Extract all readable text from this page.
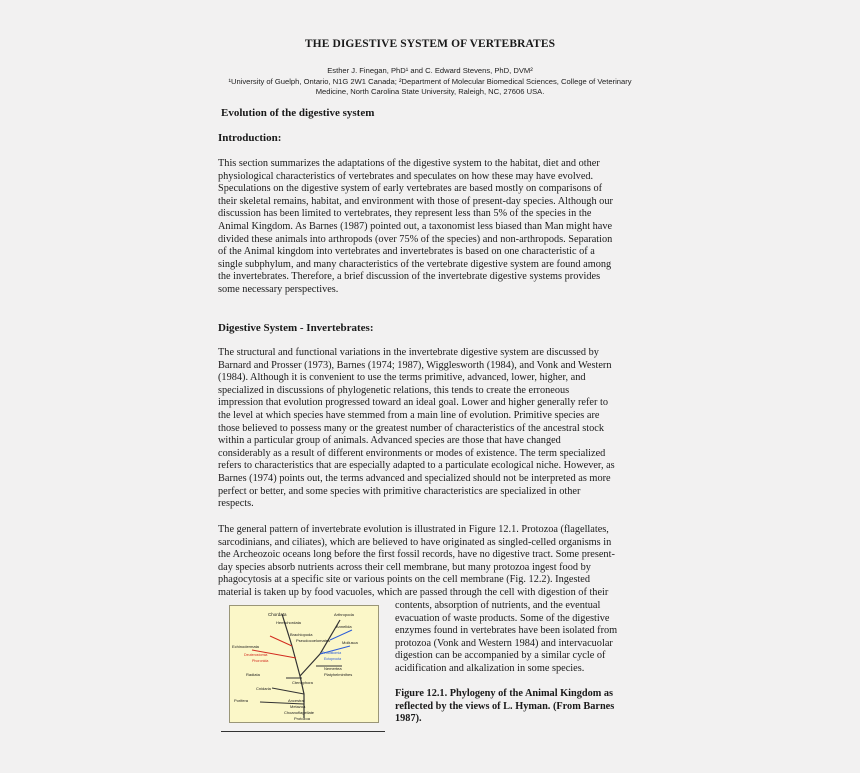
THE DIGESTIVE SYSTEM OF VERTEBRATES
Esther J. Finegan, PhD¹ and C. Edward Stevens, PhD, DVM²
¹University of Guelph, Ontario, N1G 2W1 Canada; ²Department of Molecular Biomedical Sciences, College of Veterinary
Medicine, North Carolina State University, Raleigh, NC, 27606 USA.
Evolution of the digestive system
Introduction:
This section summarizes the adaptations of the digestive system to the habitat, diet and other
physiological characteristics of vertebrates and speculates on how these may have evolved.
Speculations on the digestive system of early vertebrates are based mostly on comparisons of
their skeletal remains, habitat, and environment with those of present-day species. Although our
discussion has been limited to vertebrates, they represent less than 5% of the species in the
Animal Kingdom. As Barnes (1987) pointed out, a taxonomist less biased than Man might have
divided these animals into arthropods (over 75% of the species) and non-arthropods. Separation
of the Animal kingdom into vertebrates and invertebrates is based on one characteristic of a
single subphylum, and many characteristics of the vertebrate digestive system are found among
the invertebrates. Therefore, a brief discussion of the invertebrate digestive systems provides
some necessary perspectives.
Digestive System - Invertebrates:
The structural and functional variations in the invertebrate digestive system are discussed by
Barnard and Prosser (1973), Barnes (1974; 1987), Wigglesworth (1984), and Vonk and Western
(1984). Although it is convenient to use the terms primitive, advanced, lower, higher, and
specialized in discussions of phylogenetic relations, this tends to create the erroneous
impression that evolution progressed toward an ideal goal. Lower and higher generally refer to
the level at which species have stemmed from a main line of evolution. Primitive species are
those believed to possess many or the greatest number of characteristics of the ancestral stock
within a particular group of animals. Advanced species are those that have changed
considerably as a result of different environments or modes of existence. The term specialized
refers to characteristics that are especially adapted to a particulate ecological niche. However, as
Barnes (1974) points out, the terms advanced and specialized should not be interpreted as more
perfect or better, and some species with primitive characteristics are specialized in other
respects.
The general pattern of invertebrate evolution is illustrated in Figure 12.1. Protozoa (flagellates,
sarcodinians, and ciliates), which are believed to have originated as singled-celled organisms in
the Archeozoic oceans long before the first fossil records, have no digestive tract. Some present-
day species absorb nutrients across their cell membrane, but many protozoa ingest food by
phagocytosis at a specific site or various points on the cell membrane (Fig. 12.2). Ingested
material is taken up by food vacuoles, which are passed through the cell with digestion of their
Chordata
Hemichordata
Arthropoda
Annelida
Echinodermata
Mollusca
Deuterostomia
Phoronida
Protostomia
Ectoprocta
Brachiopoda
Pseudocoelomates
Nemertea
Platyhelminthes
Radiata
Cnidaria
Ctenophora
Porifera	Ancestral
Metazoa
Choanoflagellate
Protozoa
contents, absorption of nutrients, and the eventual
evacuation of waste products. Some of the digestive
enzymes found in vertebrates have been isolated from
protozoa (Vonk and Western 1984) and intervacuolar
digestion can be accompanied by a similar cycle of
acidification and alkalization in some species.
Figure 12.1. Phylogeny of the Animal Kingdom as
reflected by the views of L. Hyman. (From Barnes
1987).
